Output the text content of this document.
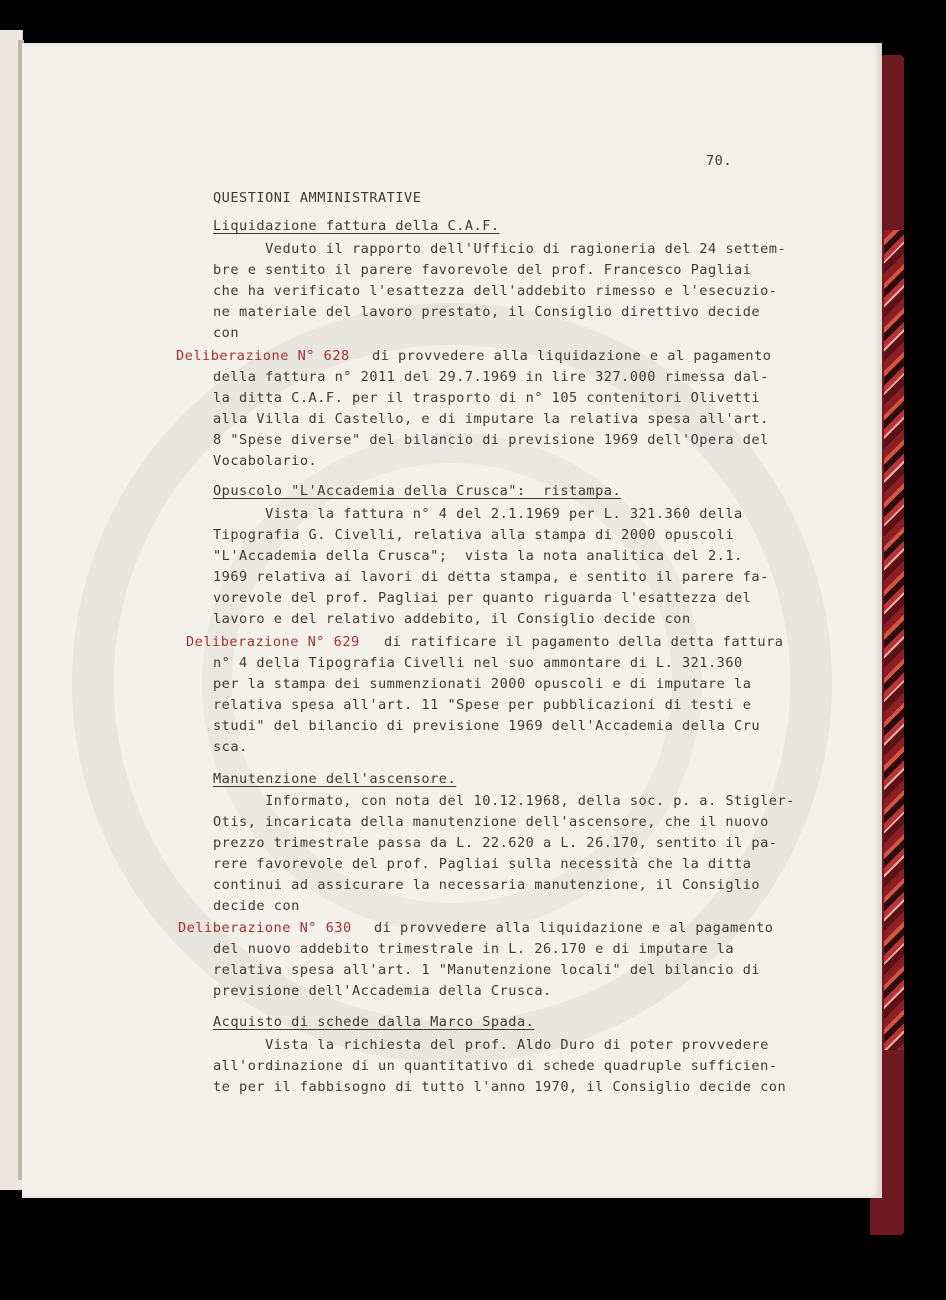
70.
QUESTIONI AMMINISTRATIVE
Liquidazione fattura della C.A.F.
Veduto il rapporto dell'Ufficio di ragioneria del 24 settem-
bre e sentito il parere favorevole del prof. Francesco Pagliai
che ha verificato l'esattezza dell'addebito rimesso e l'esecuzio-
ne materiale del lavoro prestato, il Consiglio direttivo decide
con
Deliberazione N° 628 di provvedere alla liquidazione e al pagamento
della fattura n° 2011 del 29.7.1969 in lire 327.000 rimessa dal-
la ditta C.A.F. per il trasporto di n° 105 contenitori Olivetti
alla Villa di Castello, e di imputare la relativa spesa all'art.
8 "Spese diverse" del bilancio di previsione 1969 dell'Opera del
Vocabolario.
Opuscolo "L'Accademia della Crusca":  ristampa.
Vista la fattura n° 4 del 2.1.1969 per L. 321.360 della
Tipografia G. Civelli, relativa alla stampa di 2000 opuscoli
"L'Accademia della Crusca";  vista la nota analitica del 2.1.
1969 relativa ai lavori di detta stampa, e sentito il parere fa-
vorevole del prof. Pagliai per quanto riguarda l'esattezza del
lavoro e del relativo addebito, il Consiglio decide con
Deliberazione N° 629 di ratificare il pagamento della detta fattura
n° 4 della Tipografia Civelli nel suo ammontare di L. 321.360
per la stampa dei summenzionati 2000 opuscoli e di imputare la
relativa spesa all'art. 11 "Spese per pubblicazioni di testi e
studi" del bilancio di previsione 1969 dell'Accademia della Cru
sca.
Manutenzione dell'ascensore.
Informato, con nota del 10.12.1968, della soc. p. a. Stigler-
Otis, incaricata della manutenzione dell'ascensore, che il nuovo
prezzo trimestrale passa da L. 22.620 a L. 26.170, sentito il pa-
rere favorevole del prof. Pagliai sulla necessità che la ditta
continui ad assicurare la necessaria manutenzione, il Consiglio
decide con
Deliberazione N° 630 di provvedere alla liquidazione e al pagamento
del nuovo addebito trimestrale in L. 26.170 e di imputare la
relativa spesa all'art. 1 "Manutenzione locali" del bilancio di
previsione dell'Accademia della Crusca.
Acquisto di schede dalla Marco Spada.
Vista la richiesta del prof. Aldo Duro di poter provvedere
all'ordinazione di un quantitativo di schede quadruple sufficien-
te per il fabbisogno di tutto l'anno 1970, il Consiglio decide con
